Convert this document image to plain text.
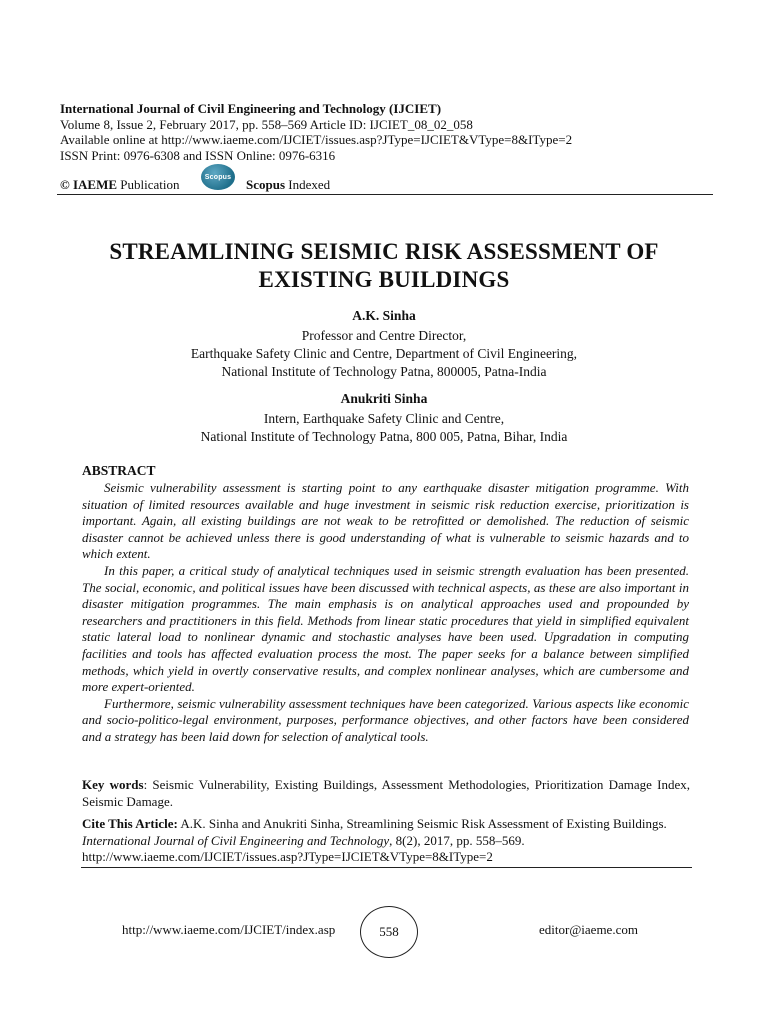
International Journal of Civil Engineering and Technology (IJCIET)
Volume 8, Issue 2, February 2017, pp. 558–569 Article ID: IJCIET_08_02_058
Available online at http://www.iaeme.com/IJCIET/issues.asp?JType=IJCIET&VType=8&IType=2
ISSN Print: 0976-6308 and ISSN Online: 0976-6316
© IAEME Publication	Scopus Scopus Indexed
STREAMLINING SEISMIC RISK ASSESSMENT OF
EXISTING BUILDINGS
A.K. Sinha
Professor and Centre Director,
Earthquake Safety Clinic and Centre, Department of Civil Engineering,
National Institute of Technology Patna, 800005, Patna-India
Anukriti Sinha
Intern, Earthquake Safety Clinic and Centre,
National Institute of Technology Patna, 800 005, Patna, Bihar, India
ABSTRACT

Seismic vulnerability assessment is starting point to any earthquake disaster mitigation programme. With situation of limited resources available and huge investment in seismic risk reduction exercise, prioritization is important. Again, all existing buildings are not weak to be retrofitted or demolished. The reduction of seismic disaster cannot be achieved unless there is good understanding of what is vulnerable to seismic hazards and to which extent.

In this paper, a critical study of analytical techniques used in seismic strength evaluation has been presented. The social, economic, and political issues have been discussed with technical aspects, as these are also important in disaster mitigation programmes. The main emphasis is on analytical approaches used and propounded by researchers and practitioners in this field. Methods from linear static procedures that yield in simplified equivalent static lateral load to nonlinear dynamic and stochastic analyses have been used. Upgradation in computing facilities and tools has affected evaluation process the most. The paper seeks for a balance between simplified methods, which yield in overtly conservative results, and complex nonlinear analyses, which are cumbersome and more expert-oriented.

Furthermore, seismic vulnerability assessment techniques have been categorized. Various aspects like economic and socio-politico-legal environment, purposes, performance objectives, and other factors have been considered and a strategy has been laid down for selection of analytical tools.

Key words: Seismic Vulnerability, Existing Buildings, Assessment Methodologies, Prioritization Damage Index, Seismic Damage.
Cite This Article: A.K. Sinha and Anukriti Sinha, Streamlining Seismic Risk Assessment of Existing Buildings. International Journal of Civil Engineering and Technology, 8(2), 2017, pp. 558–569.
http://www.iaeme.com/IJCIET/issues.asp?JType=IJCIET&VType=8&IType=2
http://www.iaeme.com/IJCIET/index.asp	558	editor@iaeme.com
